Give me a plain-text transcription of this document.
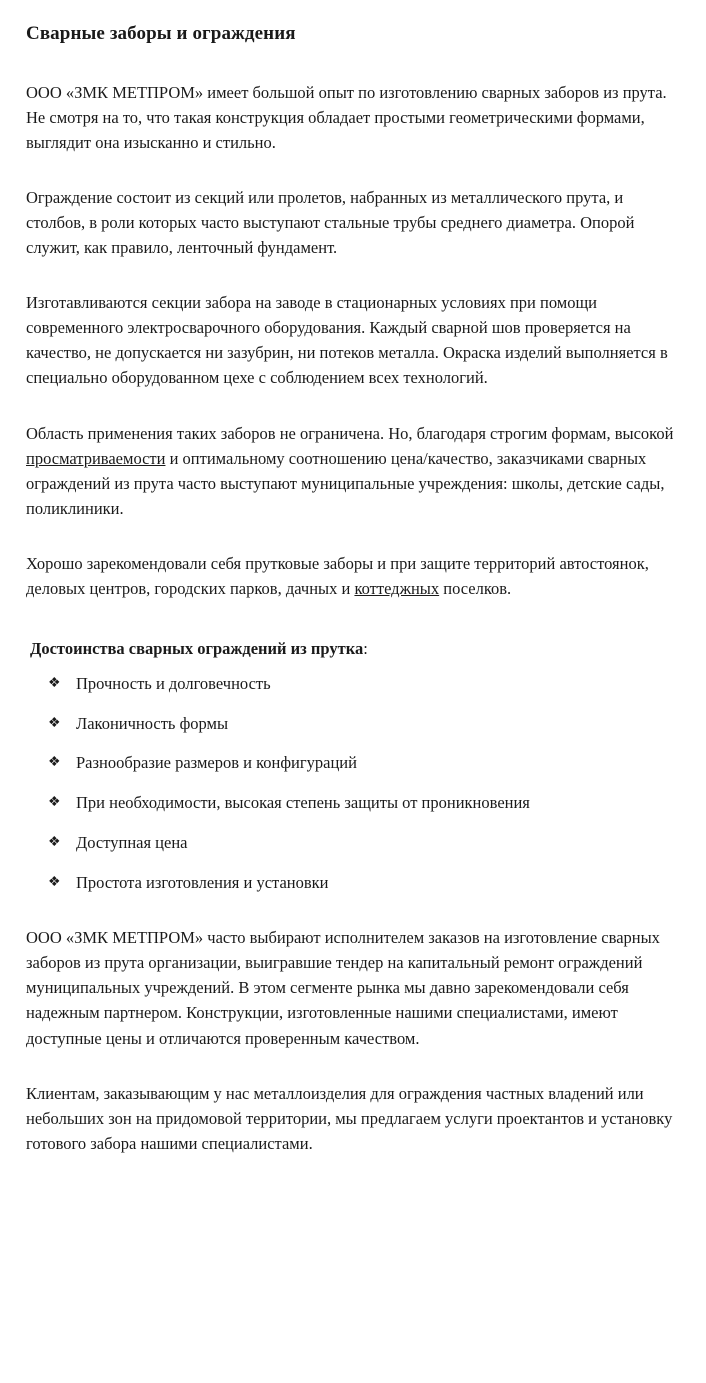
Сварные заборы и ограждения

ООО «ЗМК МЕТПРОМ» имеет большой опыт по изготовлению сварных заборов из прута. Не смотря на то, что такая конструкция обладает простыми геометрическими формами, выглядит она изысканно и стильно.

Ограждение состоит из секций или пролетов, набранных из металлического прута, и столбов, в роли которых часто выступают стальные трубы среднего диаметра. Опорой служит, как правило, ленточный фундамент.

Изготавливаются секции забора на заводе в стационарных условиях при помощи современного электросварочного оборудования. Каждый сварной шов проверяется на качество, не допускается ни зазубрин, ни потеков металла. Окраска изделий выполняется в специально оборудованном цехе с соблюдением всех технологий.

Область применения таких заборов не ограничена. Но, благодаря строгим формам, высокой просматриваемости и оптимальному соотношению цена/качество, заказчиками сварных ограждений из прута часто выступают муниципальные учреждения: школы, детские сады, поликлиники.

Хорошо зарекомендовали себя прутковые заборы и при защите территорий автостоянок, деловых центров, городских парков, дачных и коттеджных поселков.

Достоинства сварных ограждений из прутка:

❖ Прочность и долговечность
❖ Лаконичность формы
❖ Разнообразие размеров и конфигураций
❖ При необходимости, высокая степень защиты от проникновения
❖ Доступная цена
❖ Простота изготовления и установки

ООО «ЗМК МЕТПРОМ» часто выбирают исполнителем заказов на изготовление сварных заборов из прута организации, выигравшие тендер на капитальный ремонт ограждений муниципальных учреждений. В этом сегменте рынка мы давно зарекомендовали себя надежным партнером. Конструкции, изготовленные нашими специалистами, имеют доступные цены и отличаются проверенным качеством.

Клиентам, заказывающим у нас металлоизделия для ограждения частных владений или небольших зон на придомовой территории, мы предлагаем услуги проектантов и установку готового забора нашими специалистами.
